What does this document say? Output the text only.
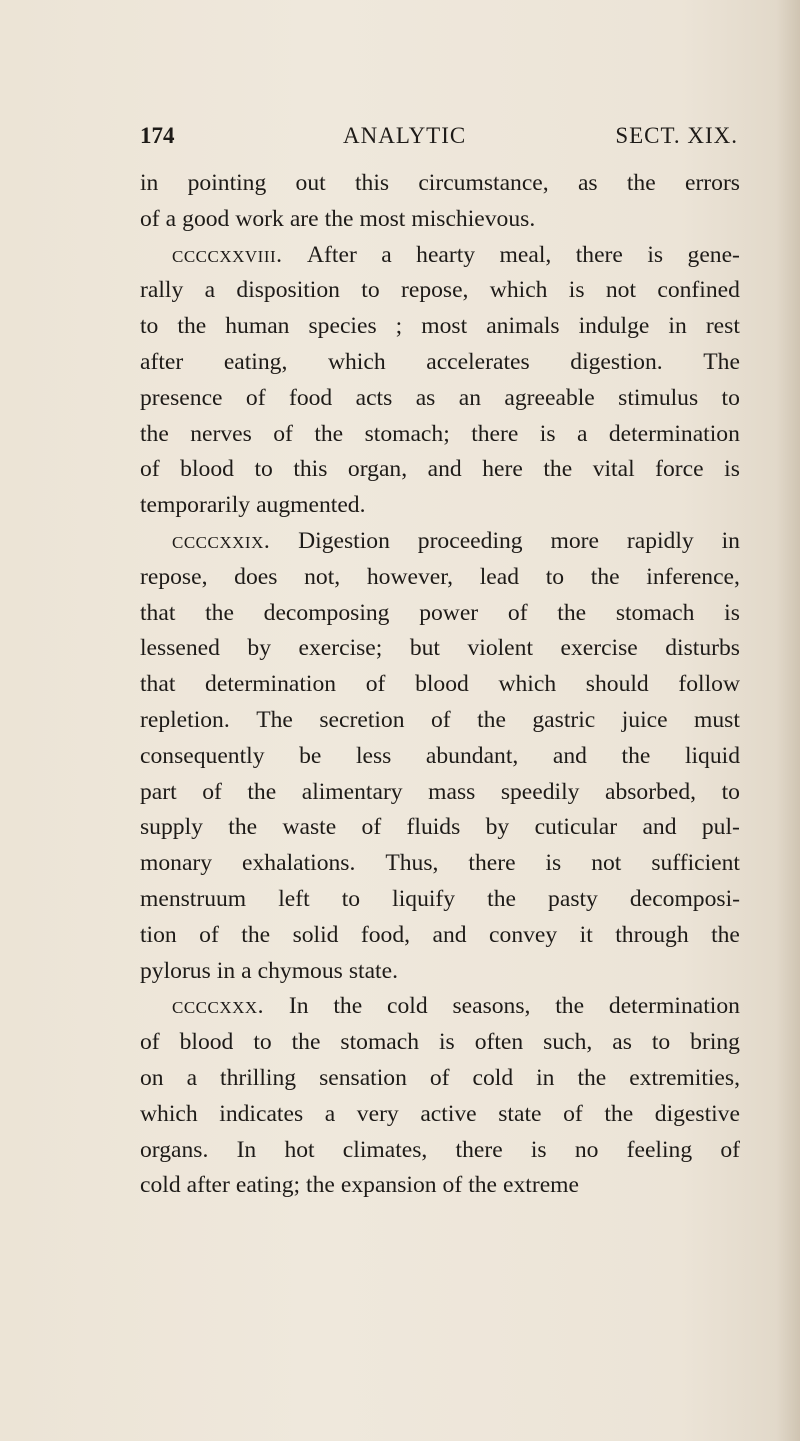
174	ANALYTIC	SECT. XIX.
in pointing out this circumstance, as the errors
of a good work are the most mischievous.
ccccxxviii. After a hearty meal, there is gene-
rally a disposition to repose, which is not confined
to the human species ; most animals indulge in rest
after eating, which accelerates digestion. The
presence of food acts as an agreeable stimulus to
the nerves of the stomach; there is a determination
of blood to this organ, and here the vital force is
temporarily augmented.
ccccxxix. Digestion proceeding more rapidly in
repose, does not, however, lead to the inference,
that the decomposing power of the stomach is
lessened by exercise; but violent exercise disturbs
that determination of blood which should follow
repletion. The secretion of the gastric juice must
consequently be less abundant, and the liquid
part of the alimentary mass speedily absorbed, to
supply the waste of fluids by cuticular and pul-
monary exhalations. Thus, there is not sufficient
menstruum left to liquify the pasty decomposi-
tion of the solid food, and convey it through the
pylorus in a chymous state.
ccccxxx. In the cold seasons, the determination
of blood to the stomach is often such, as to bring
on a thrilling sensation of cold in the extremities,
which indicates a very active state of the digestive
organs. In hot climates, there is no feeling of
cold after eating; the expansion of the extreme
